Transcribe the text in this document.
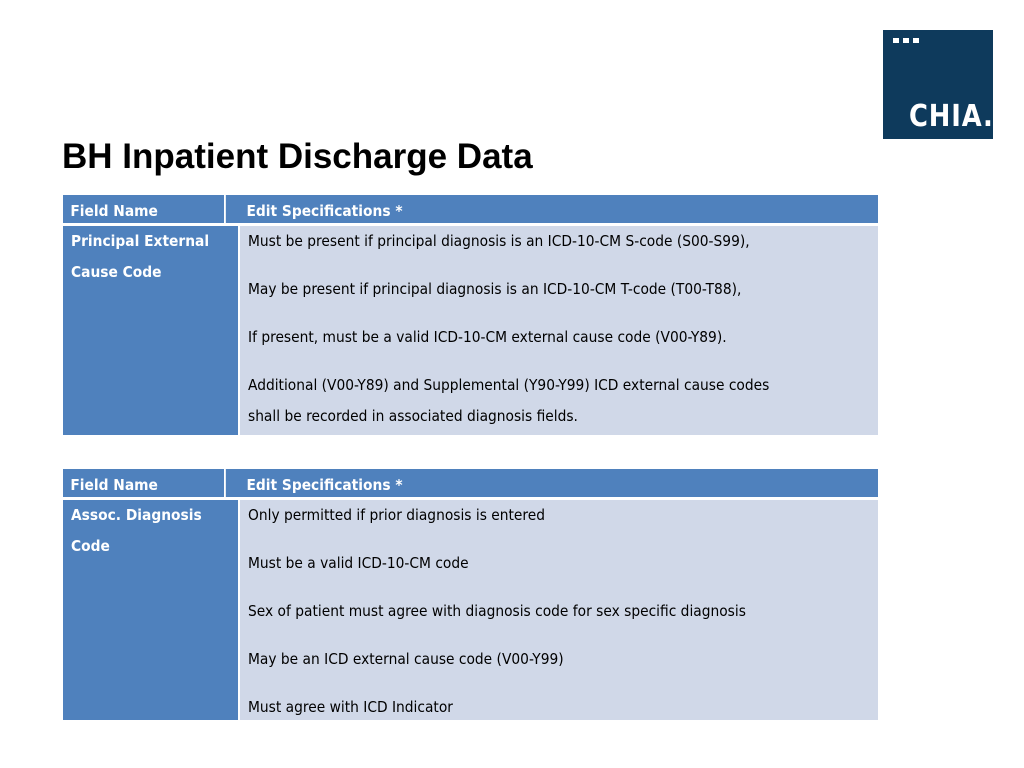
CHIA.
BH Inpatient Discharge Data
Field Name	Edit Specifications *
Principal External
Cause Code
Must be present if principal diagnosis is an ICD-10-CM S-code (S00-S99),
May be present if principal diagnosis is an ICD-10-CM T-code (T00-T88),
If present, must be a valid ICD-10-CM external cause code (V00-Y89).
Additional (V00-Y89) and Supplemental (Y90-Y99) ICD external cause codes
shall be recorded in associated diagnosis fields.
Field Name	Edit Specifications *
Assoc. Diagnosis
Code
Only permitted if prior diagnosis is entered
Must be a valid ICD-10-CM code
Sex of patient must agree with diagnosis code for sex specific diagnosis
May be an ICD external cause code (V00-Y99)
Must agree with ICD Indicator
